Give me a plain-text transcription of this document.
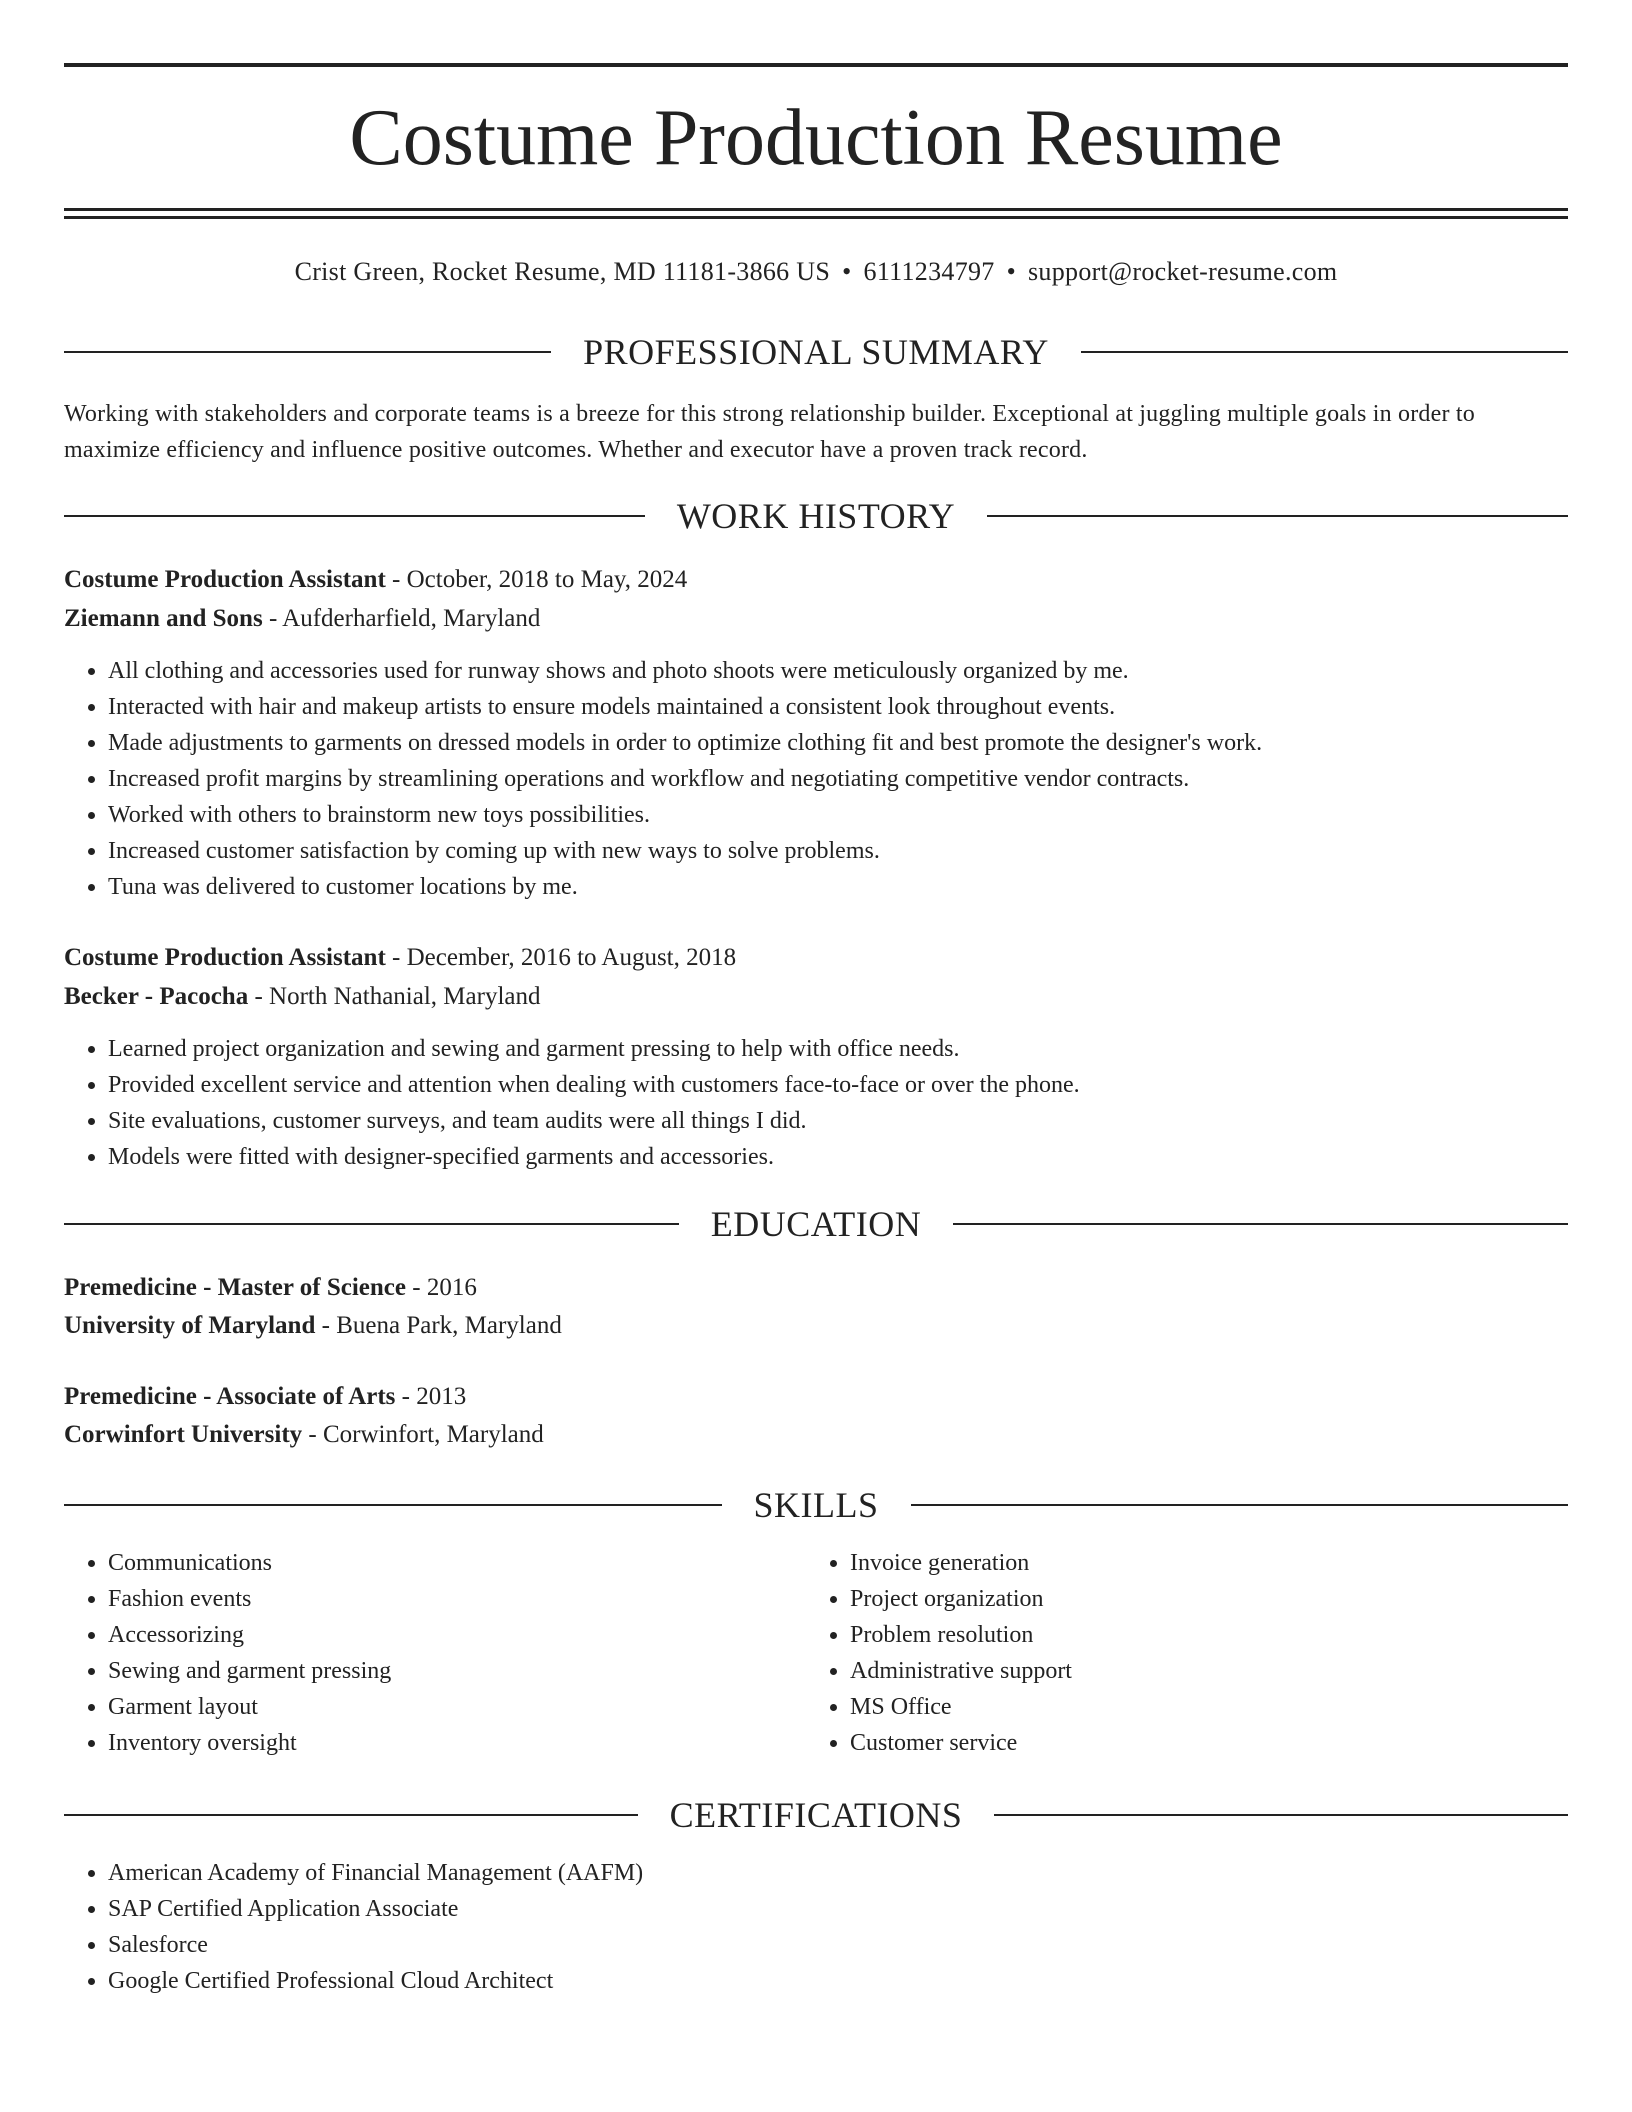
Costume Production Resume
Crist Green, Rocket Resume, MD 11181-3866 US • 6111234797 • support@rocket-resume.com
PROFESSIONAL SUMMARY

Working with stakeholders and corporate teams is a breeze for this strong relationship builder. Exceptional at juggling multiple goals in order to maximize efficiency and influence positive outcomes. Whether and executor have a proven track record.

WORK HISTORY
Costume Production Assistant - October, 2018 to May, 2024
Ziemann and Sons - Aufderharfield, Maryland
• All clothing and accessories used for runway shows and photo shoots were meticulously organized by me.
• Interacted with hair and makeup artists to ensure models maintained a consistent look throughout events.
• Made adjustments to garments on dressed models in order to optimize clothing fit and best promote the designer's work.
• Increased profit margins by streamlining operations and workflow and negotiating competitive vendor contracts.
• Worked with others to brainstorm new toys possibilities.
• Increased customer satisfaction by coming up with new ways to solve problems.
• Tuna was delivered to customer locations by me.
Costume Production Assistant - December, 2016 to August, 2018
Becker - Pacocha - North Nathanial, Maryland
• Learned project organization and sewing and garment pressing to help with office needs.
• Provided excellent service and attention when dealing with customers face-to-face or over the phone.
• Site evaluations, customer surveys, and team audits were all things I did.
• Models were fitted with designer-specified garments and accessories.
EDUCATION
Premedicine - Master of Science - 2016
University of Maryland - Buena Park, Maryland
Premedicine - Associate of Arts - 2013
Corwinfort University - Corwinfort, Maryland
SKILLS
• Communications
• Fashion events
• Accessorizing
• Sewing and garment pressing
• Garment layout
• Inventory oversight
• Invoice generation
• Project organization
• Problem resolution
• Administrative support
• MS Office
• Customer service
CERTIFICATIONS
• American Academy of Financial Management (AAFM)
• SAP Certified Application Associate
• Salesforce
• Google Certified Professional Cloud Architect
